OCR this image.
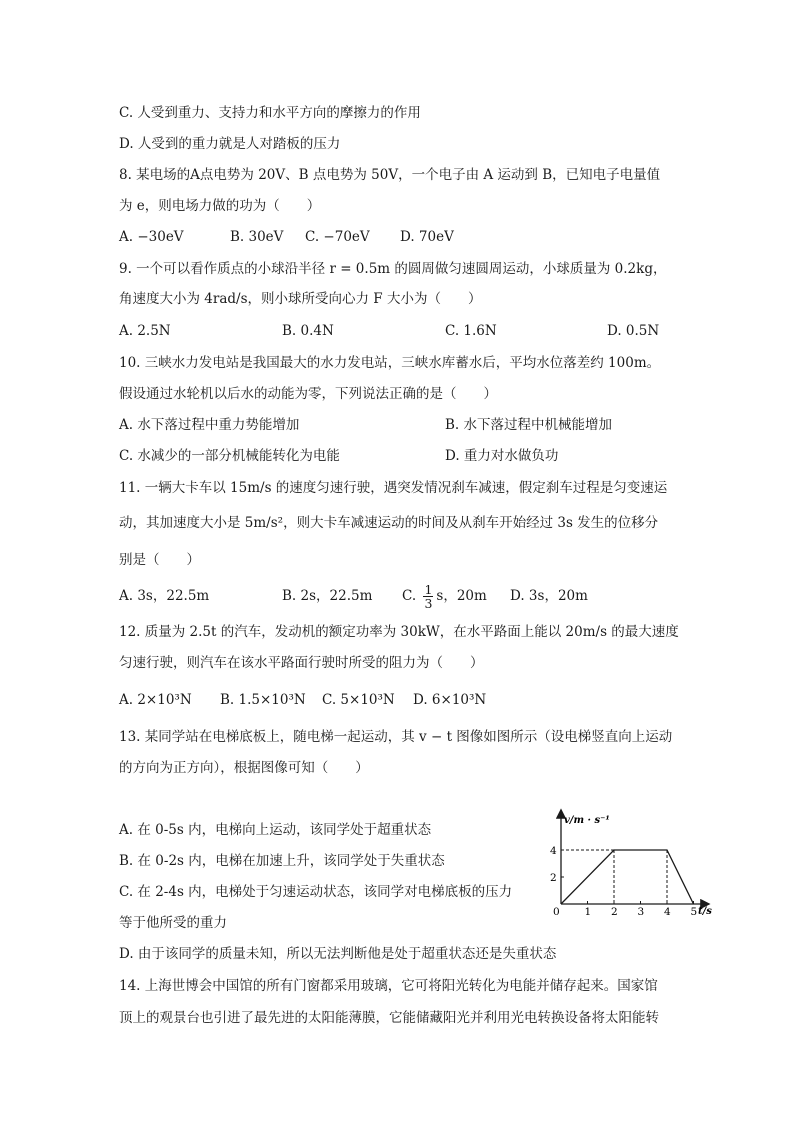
C. 人受到重力、支持力和水平方向的摩擦力的作用
D. 人受到的重力就是人对踏板的压力
8. 某电场的A点电势为 20V、B 点电势为 50V，一个电子由 A 运动到 B，已知电子电量值
为 e，则电场力做的功为（　　）
A. −30eV	B. 30eV C. −70eV D. 70eV
9. 一个可以看作质点的小球沿半径 r = 0.5m 的圆周做匀速圆周运动，小球质量为 0.2kg，
角速度大小为 4rad/s，则小球所受向心力 F 大小为（　　）
A. 2.5N	B. 0.4N	C. 1.6N	D. 0.5N
10. 三峡水力发电站是我国最大的水力发电站，三峡水库蓄水后，平均水位落差约 100m。
假设通过水轮机以后水的动能为零，下列说法正确的是（　　）
A. 水下落过程中重力势能增加	B. 水下落过程中机械能增加
C. 水减少的一部分机械能转化为电能	D. 重力对水做负功
11. 一辆大卡车以 15m/s 的速度匀速行驶，遇突发情况刹车减速，假定刹车过程是匀变速运
动，其加速度大小是 5m/s²，则大卡车减速运动的时间及从刹车开始经过 3s 发生的位移分
别是（　　）
A. 3s，22.5m	B. 2s，22.5m C. $\frac{1}{3}$ s，20m D. 3s，20m
12. 质量为 2.5t 的汽车，发动机的额定功率为 30kW，在水平路面上能以 20m/s 的最大速度
匀速行驶，则汽车在该水平路面行驶时所受的阻力为（　　）
A. 2×10³N B. 1.5×10³N C. 5×10³N D. 6×10³N
13. 某同学站在电梯底板上，随电梯一起运动，其 v − t 图像如图所示（设电梯竖直向上运动
的方向为正方向），根据图像可知（　　）
A. 在 0-5s 内，电梯向上运动，该同学处于超重状态
B. 在 0-2s 内，电梯在加速上升，该同学处于失重状态
C. 在 2-4s 内，电梯处于匀速运动状态，该同学对电梯底板的压力
等于他所受的重力
D. 由于该同学的质量未知，所以无法判断他是处于超重状态还是失重状态
14. 上海世博会中国馆的所有门窗都采用玻璃，它可将阳光转化为电能并储存起来。国家馆
顶上的观景台也引进了最先进的太阳能薄膜，它能储藏阳光并利用光电转换设备将太阳能转
v/m · s⁻¹
t/s
0 1 2 3 4 5
2
4
